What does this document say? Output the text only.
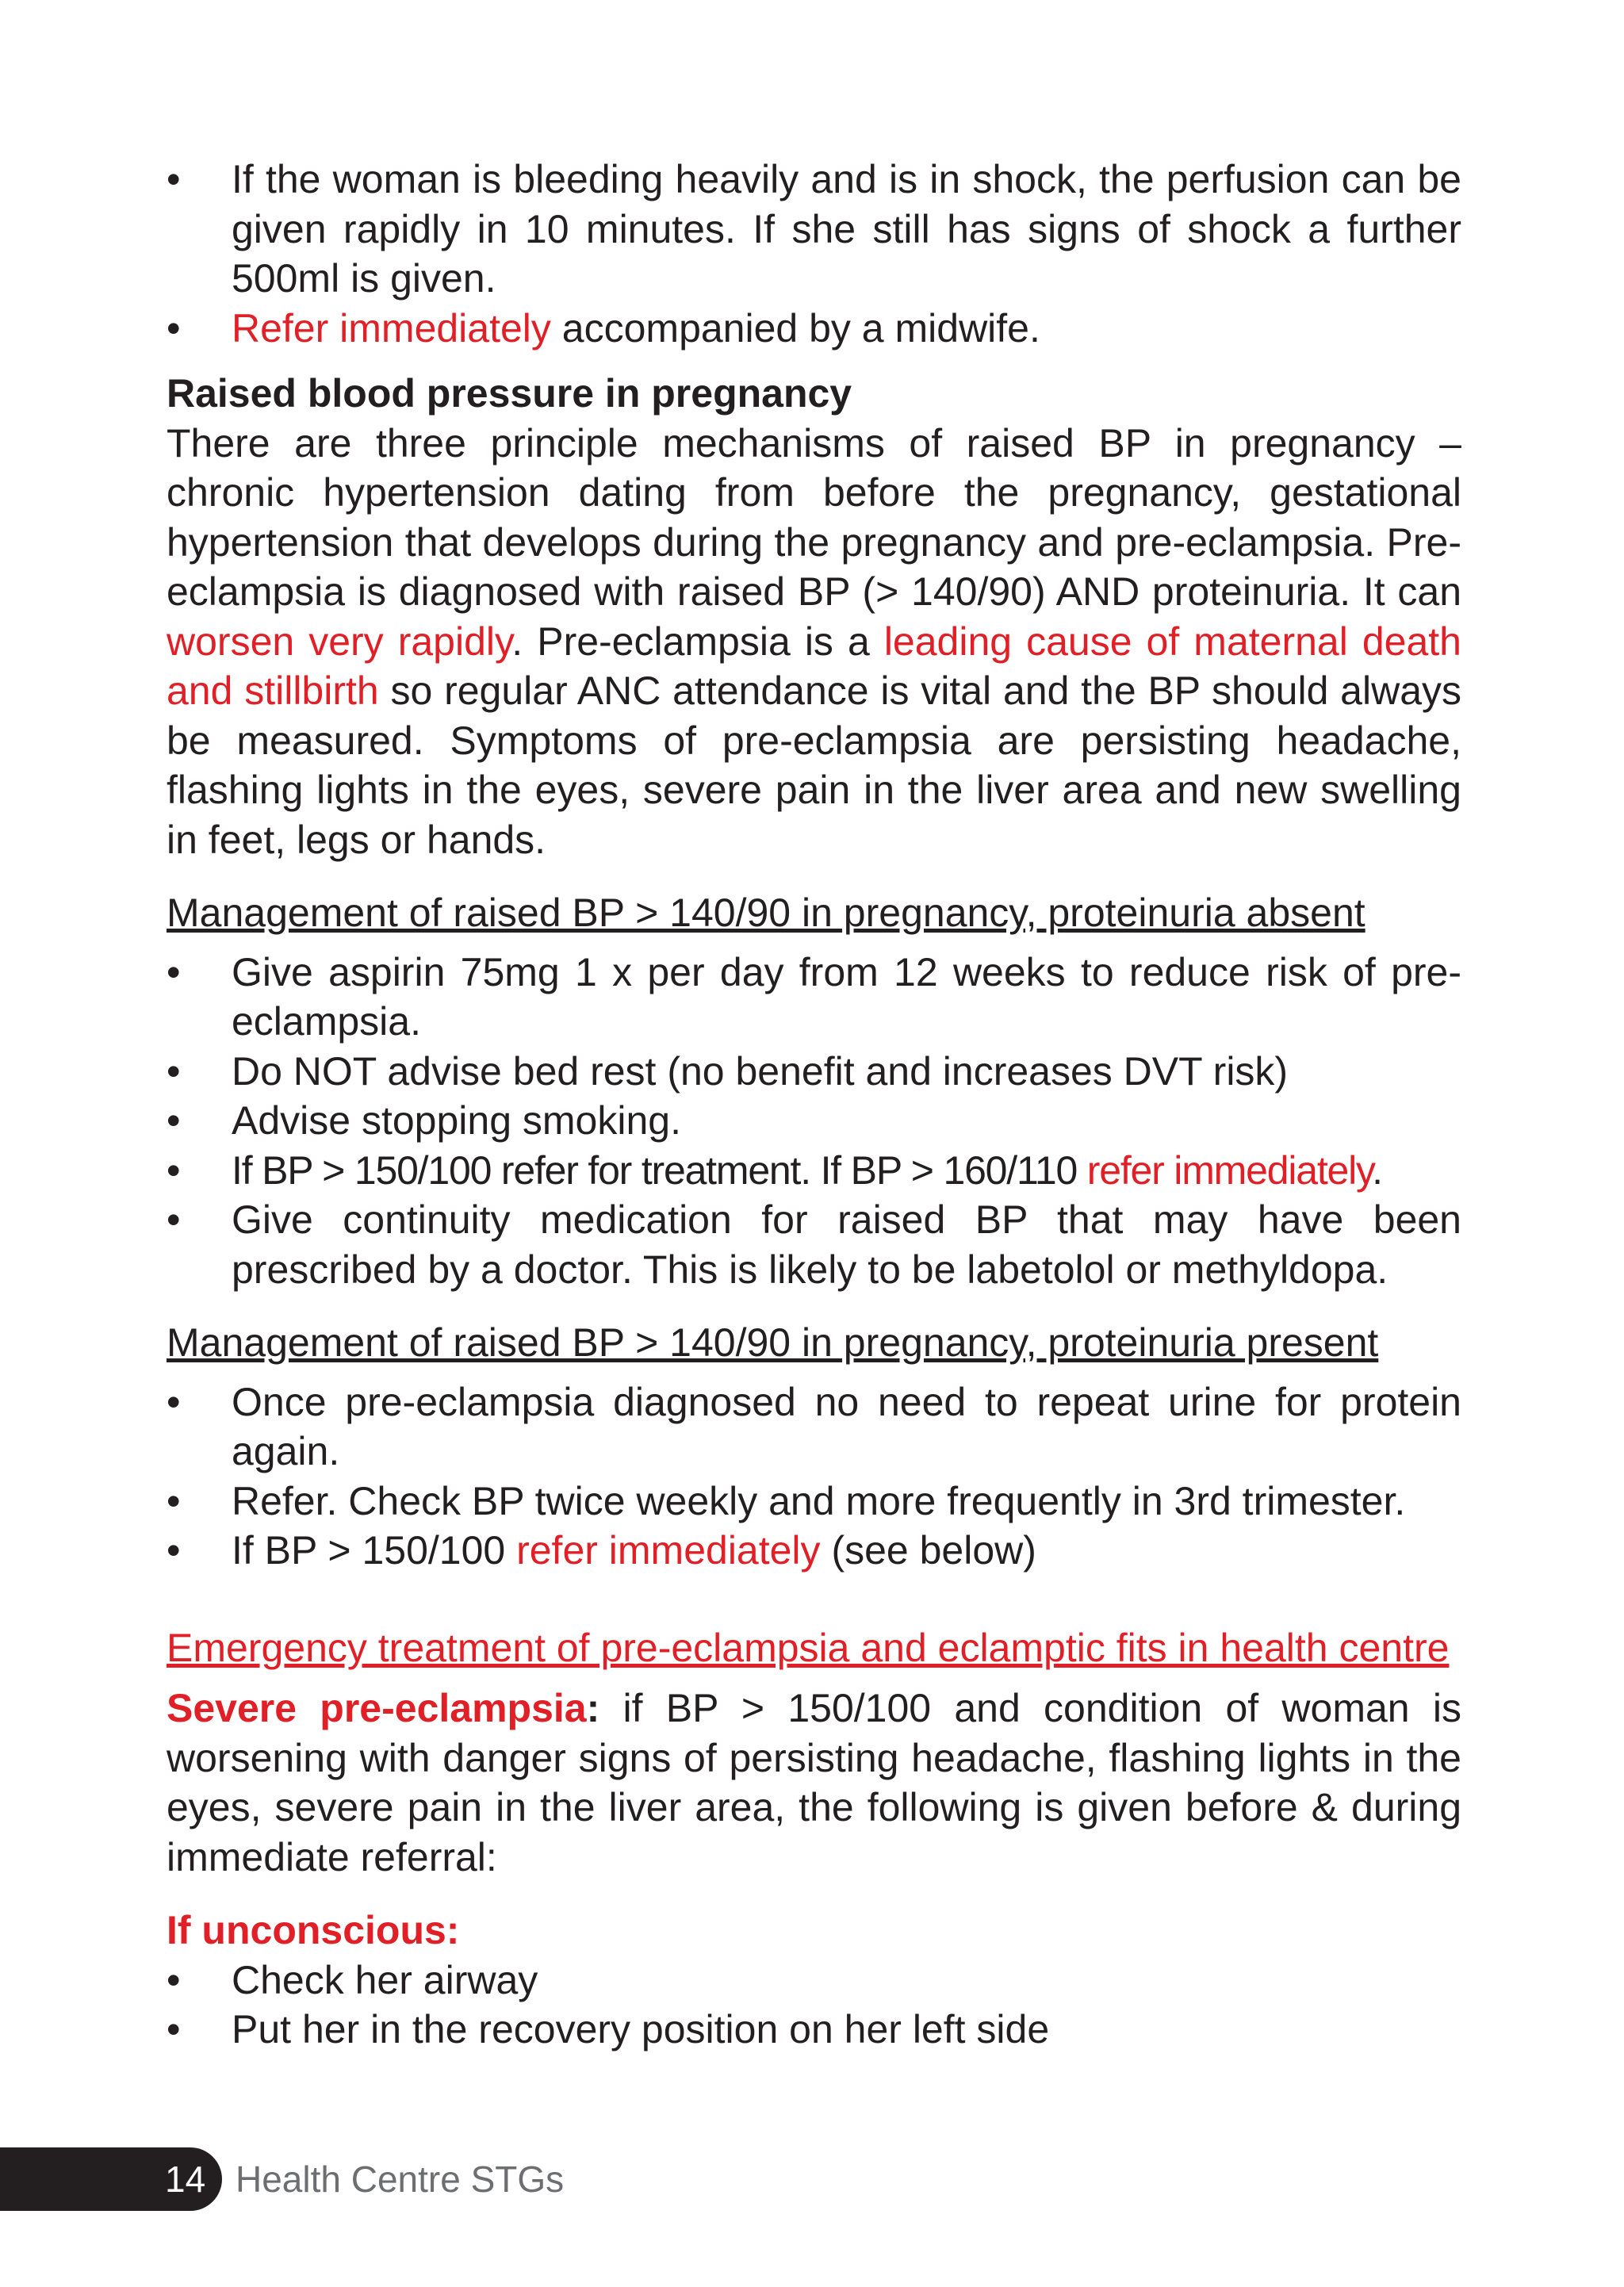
• If the woman is bleeding heavily and is in shock, the perfusion can be given rapidly in 10 minutes. If she still has signs of shock a further 500ml is given.
• Refer immediately accompanied by a midwife.
Raised blood pressure in pregnancy
There are three principle mechanisms of raised BP in pregnancy – chronic hypertension dating from before the pregnancy, gestational hypertension that develops during the pregnancy and pre-eclampsia. Pre-eclampsia is diagnosed with raised BP (> 140/90) AND proteinuria. It can worsen very rapidly. Pre-eclampsia is a leading cause of maternal death and stillbirth so regular ANC attendance is vital and the BP should always be measured. Symptoms of pre-eclampsia are persisting headache, flashing lights in the eyes, severe pain in the liver area and new swelling in feet, legs or hands.
Management of raised BP > 140/90 in pregnancy, proteinuria absent
• Give aspirin 75mg 1 x per day from 12 weeks to reduce risk of pre-eclampsia.
• Do NOT advise bed rest (no benefit and increases DVT risk)
• Advise stopping smoking.
• If BP > 150/100 refer for treatment. If BP > 160/110 refer immediately.
• Give continuity medication for raised BP that may have been prescribed by a doctor. This is likely to be labetolol or methyldopa.
Management of raised BP > 140/90 in pregnancy, proteinuria present
• Once pre-eclampsia diagnosed no need to repeat urine for protein again.
• Refer. Check BP twice weekly and more frequently in 3rd trimester.
• If BP > 150/100 refer immediately (see below)
Emergency treatment of pre-eclampsia and eclamptic fits in health centre
Severe pre-eclampsia: if BP > 150/100 and condition of woman is worsening with danger signs of persisting headache, flashing lights in the eyes, severe pain in the liver area, the following is given before & during immediate referral:
If unconscious:
• Check her airway
• Put her in the recovery position on her left side
14 Health Centre STGs
